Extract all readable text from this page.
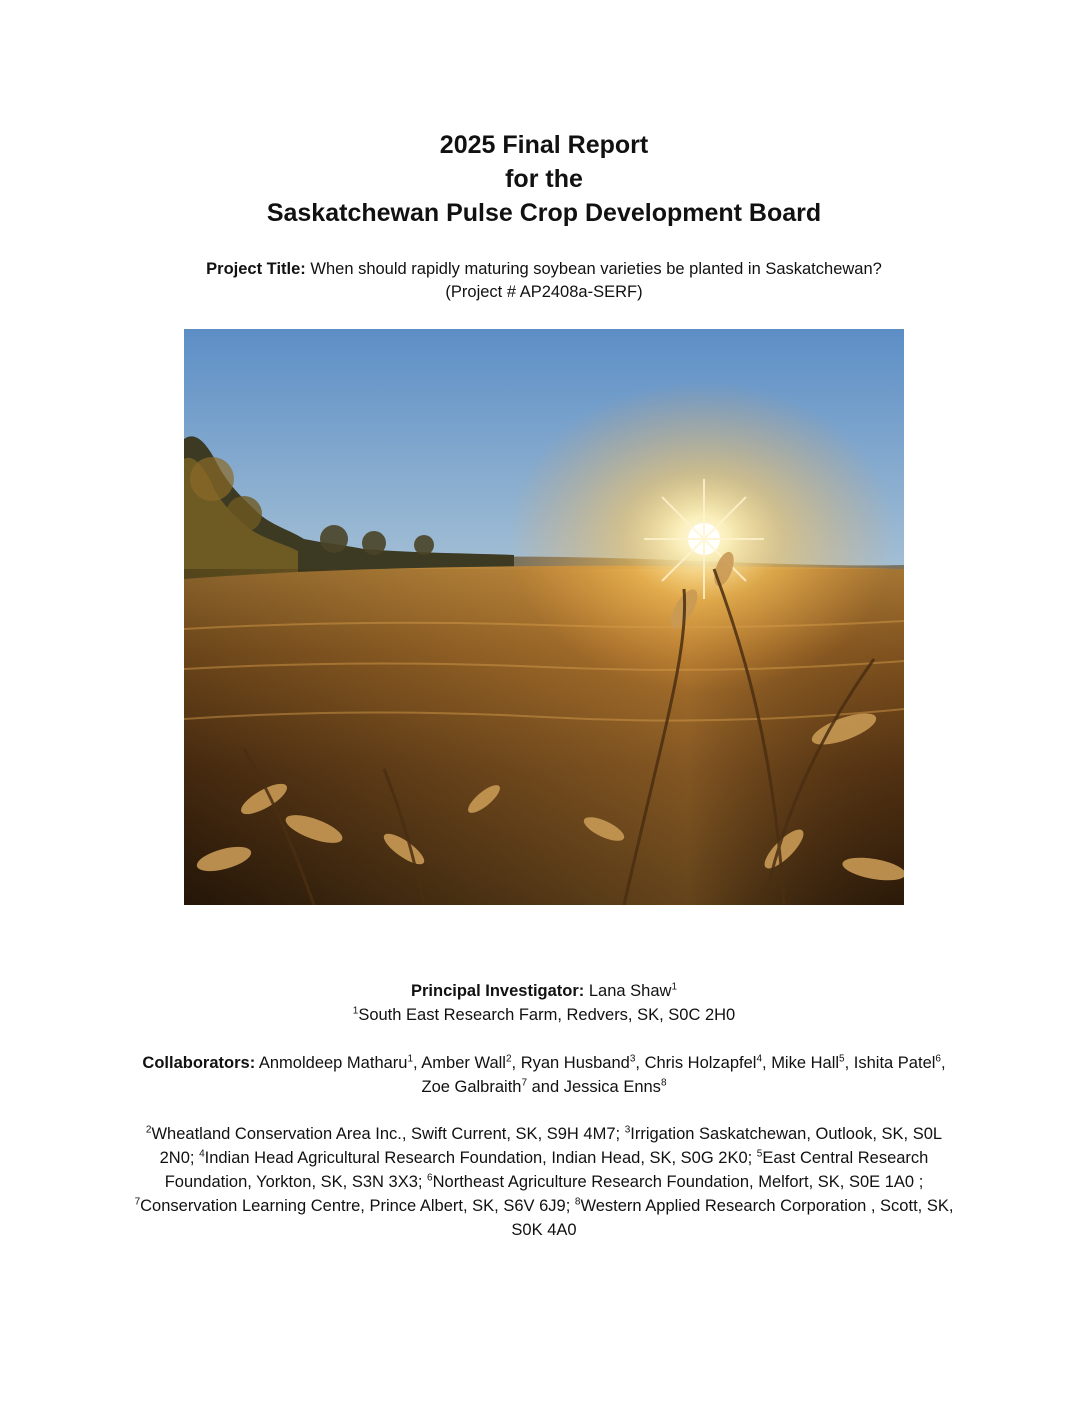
2025 Final Report
for the
Saskatchewan Pulse Crop Development Board
Project Title: When should rapidly maturing soybean varieties be planted in Saskatchewan?
(Project # AP2408a-SERF)
Principal Investigator: Lana Shaw$^1$
$^1$South East Research Farm, Redvers, SK, S0C 2H0
Collaborators: Anmoldeep Matharu$^1$, Amber Wall$^2$, Ryan Husband$^3$, Chris Holzapfel$^4$, Mike Hall$^5$, Ishita Patel$^6$, Zoe Galbraith$^7$ and Jessica Enns$^8$
$^2$Wheatland Conservation Area Inc., Swift Current, SK, S9H 4M7; $^3$Irrigation Saskatchewan, Outlook, SK, S0L 2N0; $^4$Indian Head Agricultural Research Foundation, Indian Head, SK, S0G 2K0; $^5$East Central Research Foundation, Yorkton, SK, S3N 3X3; $^6$Northeast Agriculture Research Foundation, Melfort, SK, S0E 1A0 ; $^7$Conservation Learning Centre, Prince Albert, SK, S6V 6J9; $^8$Western Applied Research Corporation , Scott, SK, S0K 4A0
